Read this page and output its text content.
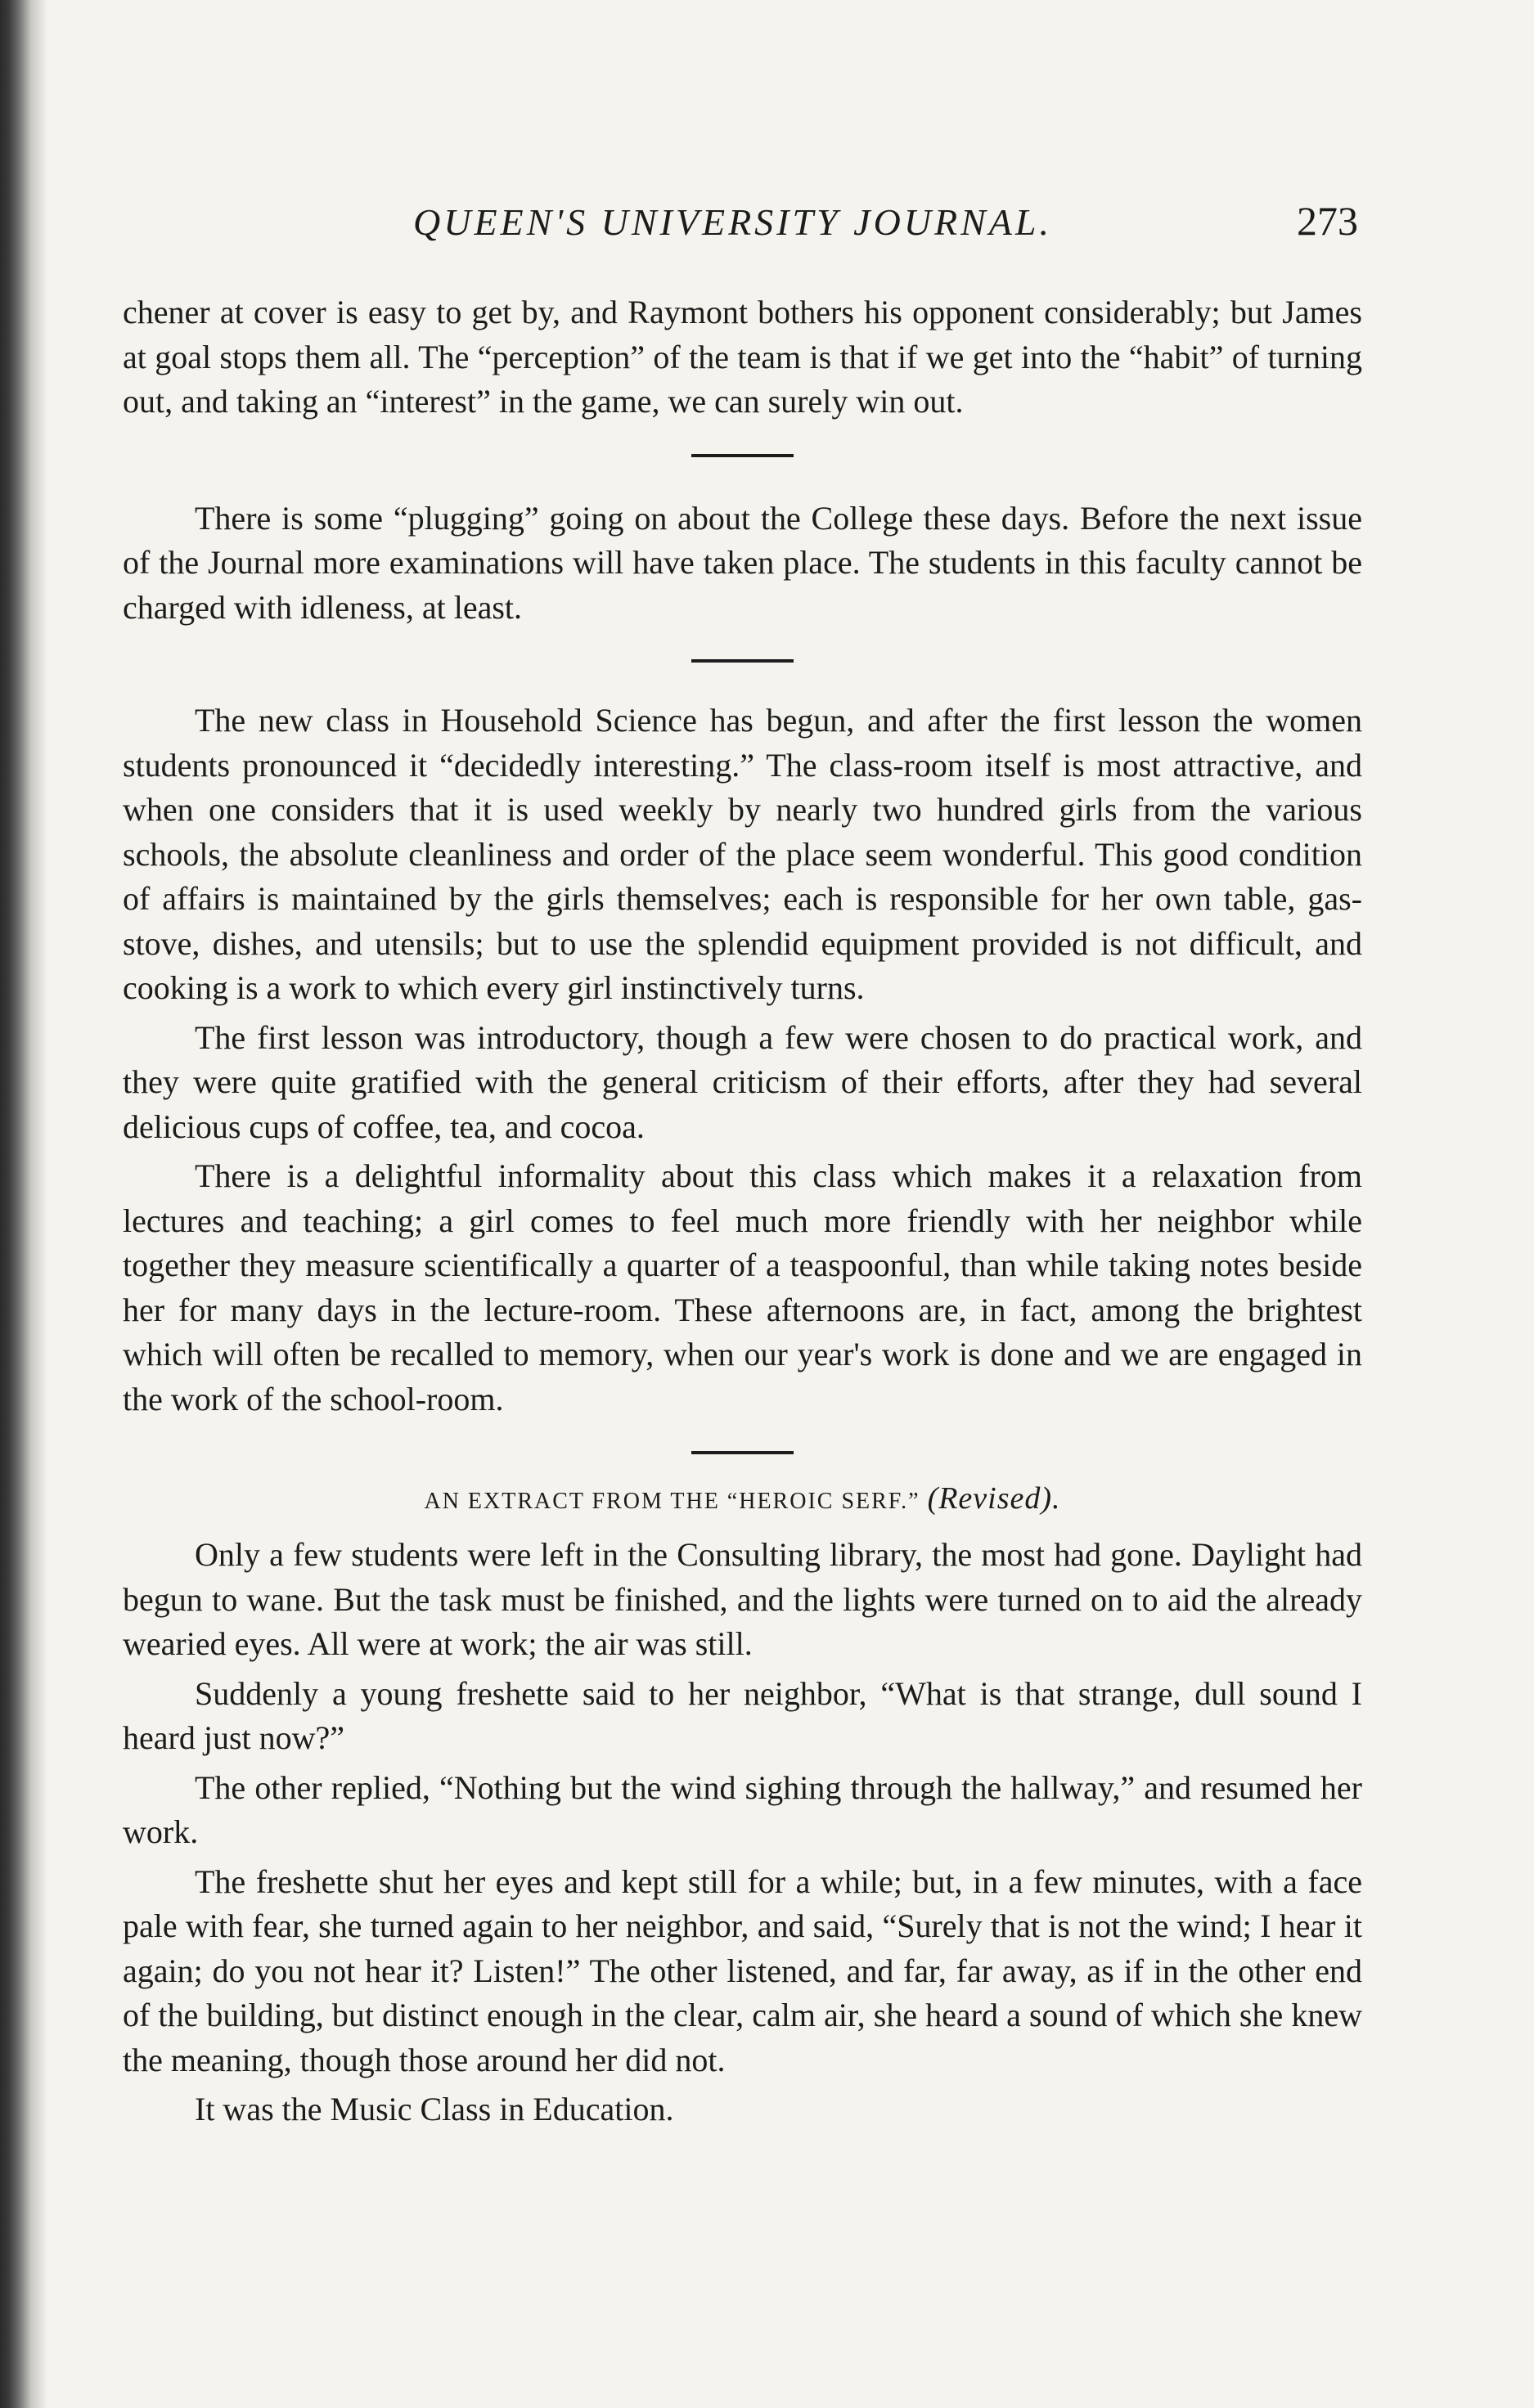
QUEEN'S UNIVERSITY JOURNAL.	273

chener at cover is easy to get by, and Raymont bothers his opponent considerably; but James at goal stops them all. The “perception” of the team is that if we get into the “habit” of turning out, and taking an “interest” in the game, we can surely win out.

There is some “plugging” going on about the College these days. Before the next issue of the Journal more examinations will have taken place. The students in this faculty cannot be charged with idleness, at least.

The new class in Household Science has begun, and after the first lesson the women students pronounced it “decidedly interesting.” The class-room itself is most attractive, and when one considers that it is used weekly by nearly two hundred girls from the various schools, the absolute cleanliness and order of the place seem wonderful. This good condition of affairs is maintained by the girls themselves; each is responsible for her own table, gas-stove, dishes, and utensils; but to use the splendid equipment provided is not difficult, and cooking is a work to which every girl instinctively turns.

The first lesson was introductory, though a few were chosen to do practical work, and they were quite gratified with the general criticism of their efforts, after they had several delicious cups of coffee, tea, and cocoa.

There is a delightful informality about this class which makes it a relaxation from lectures and teaching; a girl comes to feel much more friendly with her neighbor while together they measure scientifically a quarter of a teaspoonful, than while taking notes beside her for many days in the lecture-room. These afternoons are, in fact, among the brightest which will often be recalled to memory, when our year's work is done and we are engaged in the work of the school-room.

AN EXTRACT FROM THE “HEROIC SERF.” (Revised).

Only a few students were left in the Consulting library, the most had gone. Daylight had begun to wane. But the task must be finished, and the lights were turned on to aid the already wearied eyes. All were at work; the air was still.

Suddenly a young freshette said to her neighbor, “What is that strange, dull sound I heard just now?”

The other replied, “Nothing but the wind sighing through the hallway,” and resumed her work.

The freshette shut her eyes and kept still for a while; but, in a few minutes, with a face pale with fear, she turned again to her neighbor, and said, “Surely that is not the wind; I hear it again; do you not hear it? Listen!” The other listened, and far, far away, as if in the other end of the building, but distinct enough in the clear, calm air, she heard a sound of which she knew the meaning, though those around her did not.

It was the Music Class in Education.
